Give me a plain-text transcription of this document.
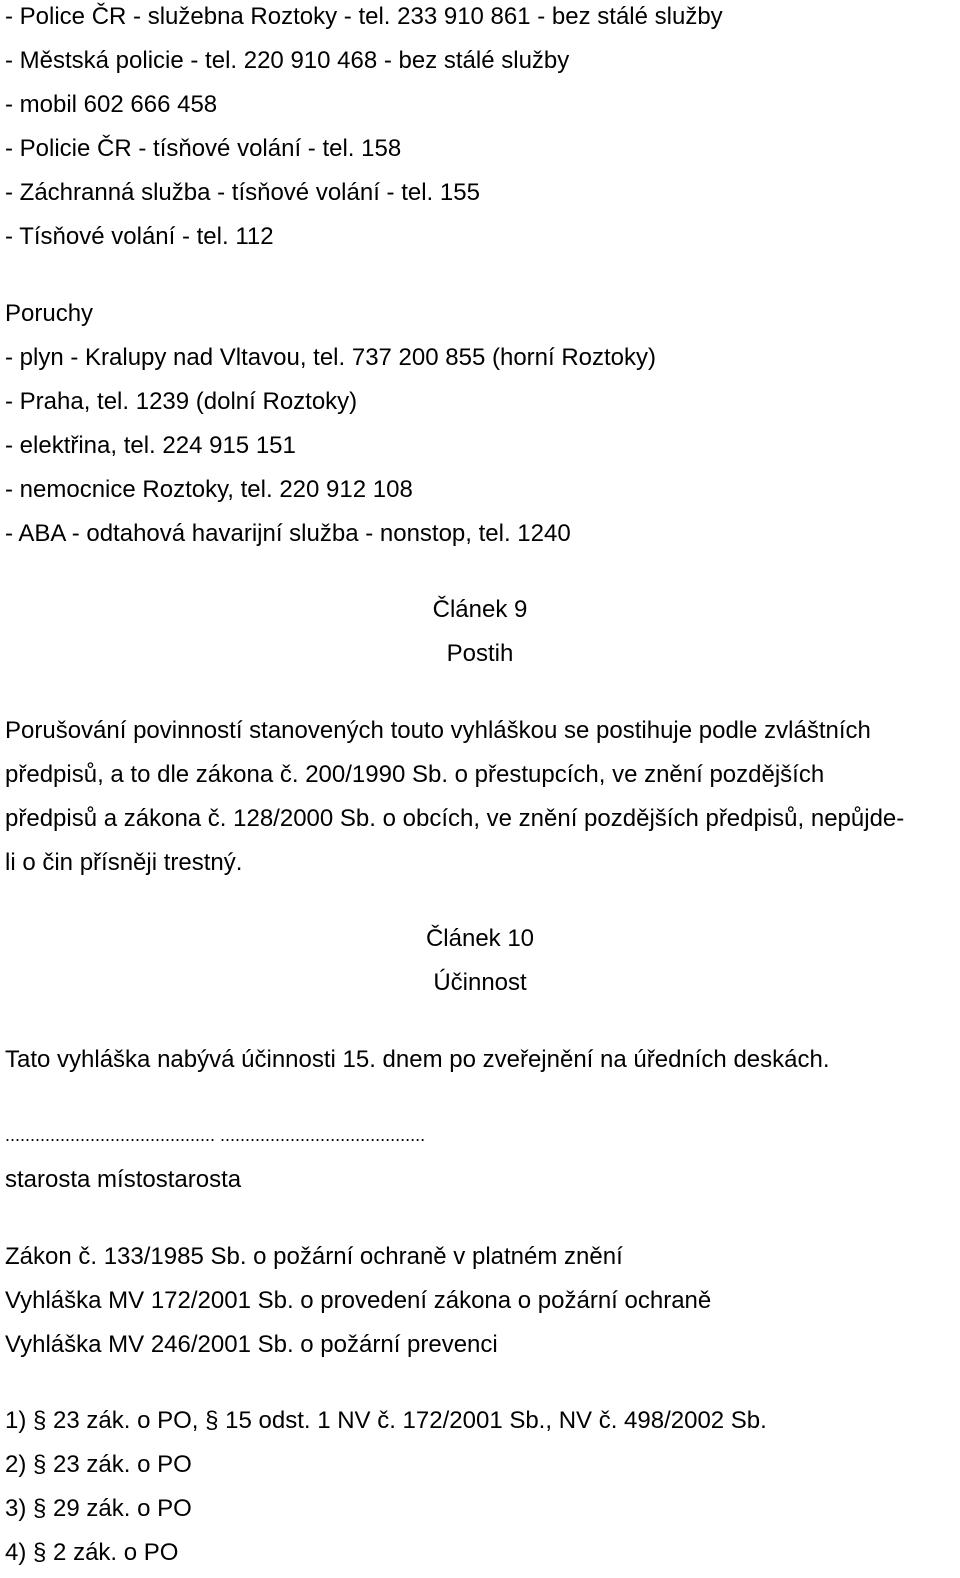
- Police ČR - služebna Roztoky - tel. 233 910 861 - bez stálé služby
- Městská policie - tel. 220 910 468 - bez stálé služby
- mobil 602 666 458
- Policie ČR - tísňové volání - tel. 158
- Záchranná služba - tísňové volání - tel. 155
- Tísňové volání - tel. 112
Poruchy
- plyn - Kralupy nad Vltavou, tel. 737 200 855 (horní Roztoky)
- Praha, tel. 1239 (dolní Roztoky)
- elektřina, tel. 224 915 151
- nemocnice Roztoky, tel. 220 912 108
- ABA - odtahová havarijní služba - nonstop, tel. 1240
Článek 9
Postih
Porušování povinností stanovených touto vyhláškou se postihuje podle zvláštních
předpisů, a to dle zákona č. 200/1990 Sb. o přestupcích, ve znění pozdějších
předpisů a zákona č. 128/2000 Sb. o obcích, ve znění pozdějších předpisů, nepůjde-
li o čin přísněji trestný.
Článek 10
Účinnost
Tato vyhláška nabývá účinnosti 15. dnem po zveřejnění na úředních deskách.
.......................................... .........................................
starosta místostarosta
Zákon č. 133/1985 Sb. o požární ochraně v platném znění
Vyhláška MV 172/2001 Sb. o provedení zákona o požární ochraně
Vyhláška MV 246/2001 Sb. o požární prevenci
1) § 23 zák. o PO, § 15 odst. 1 NV č. 172/2001 Sb., NV č. 498/2002 Sb.
2) § 23 zák. o PO
3) § 29 zák. o PO
4) § 2 zák. o PO
